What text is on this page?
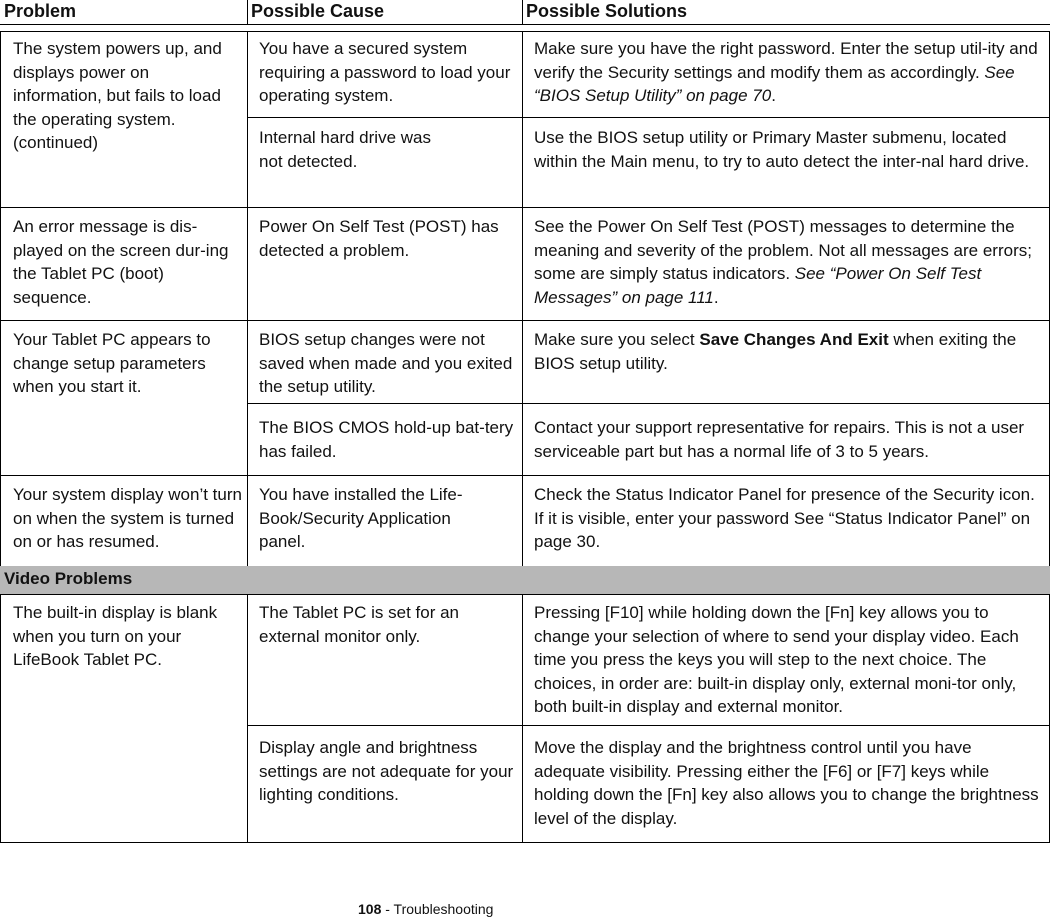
Problem	Possible Cause	Possible Solutions
The system powers up, and displays power on information, but fails to load the operating system. (continued)
You have a secured system requiring a password to load your operating system.
Make sure you have the right password. Enter the setup util-ity and verify the Security settings and modify them as accordingly. See “BIOS Setup Utility” on page 70.
Internal hard drive was not detected.
Use the BIOS setup utility or Primary Master submenu, located within the Main menu, to try to auto detect the inter-nal hard drive.
An error message is dis-played on the screen dur-ing the Tablet PC (boot) sequence.
Power On Self Test (POST) has detected a problem.
See the Power On Self Test (POST) messages to determine the meaning and severity of the problem. Not all messages are errors; some are simply status indicators. See “Power On Self Test Messages” on page 111.
Your Tablet PC appears to change setup parameters when you start it.
BIOS setup changes were not saved when made and you exited the setup utility.
Make sure you select Save Changes And Exit when exiting the BIOS setup utility.
The BIOS CMOS hold-up bat-tery has failed.
Contact your support representative for repairs. This is not a user serviceable part but has a normal life of 3 to 5 years.
Your system display won’t turn on when the system is turned on or has resumed.
You have installed the Life-Book/Security Application panel.
Check the Status Indicator Panel for presence of the Security icon. If it is visible, enter your password See “Status Indicator Panel” on page 30.
Video Problems
The built-in display is blank when you turn on your LifeBook Tablet PC.
The Tablet PC is set for an external monitor only.
Pressing [F10] while holding down the [Fn] key allows you to change your selection of where to send your display video. Each time you press the keys you will step to the next choice. The choices, in order are: built-in display only, external moni-tor only, both built-in display and external monitor.
Display angle and brightness settings are not adequate for your lighting conditions.
Move the display and the brightness control until you have adequate visibility. Pressing either the [F6] or [F7] keys while holding down the [Fn] key also allows you to change the brightness level of the display.
108 - Troubleshooting
